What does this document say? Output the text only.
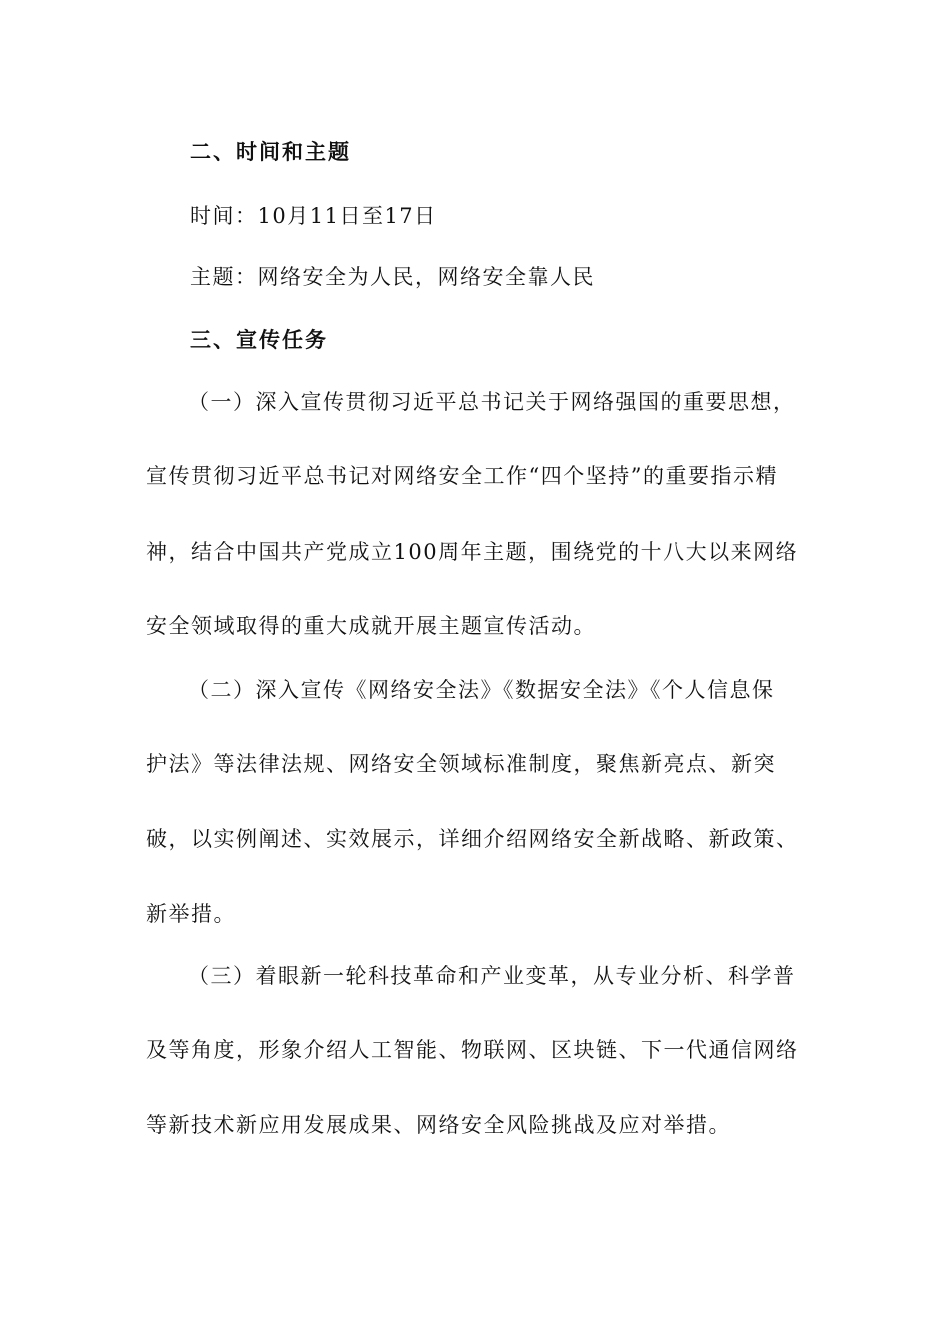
二、时间和主题
时间：10月11日至17日
主题：网络安全为人民，网络安全靠人民
三、宣传任务
（一）深入宣传贯彻习近平总书记关于网络强国的重要思想，
宣传贯彻习近平总书记对网络安全工作“四个坚持”的重要指示精
神，结合中国共产党成立100周年主题，围绕党的十八大以来网络
安全领域取得的重大成就开展主题宣传活动。
（二）深入宣传《网络安全法》《数据安全法》《个人信息保
护法》等法律法规、网络安全领域标准制度，聚焦新亮点、新突
破，以实例阐述、实效展示，详细介绍网络安全新战略、新政策、
新举措。
（三）着眼新一轮科技革命和产业变革，从专业分析、科学普
及等角度，形象介绍人工智能、物联网、区块链、下一代通信网络
等新技术新应用发展成果、网络安全风险挑战及应对举措。
